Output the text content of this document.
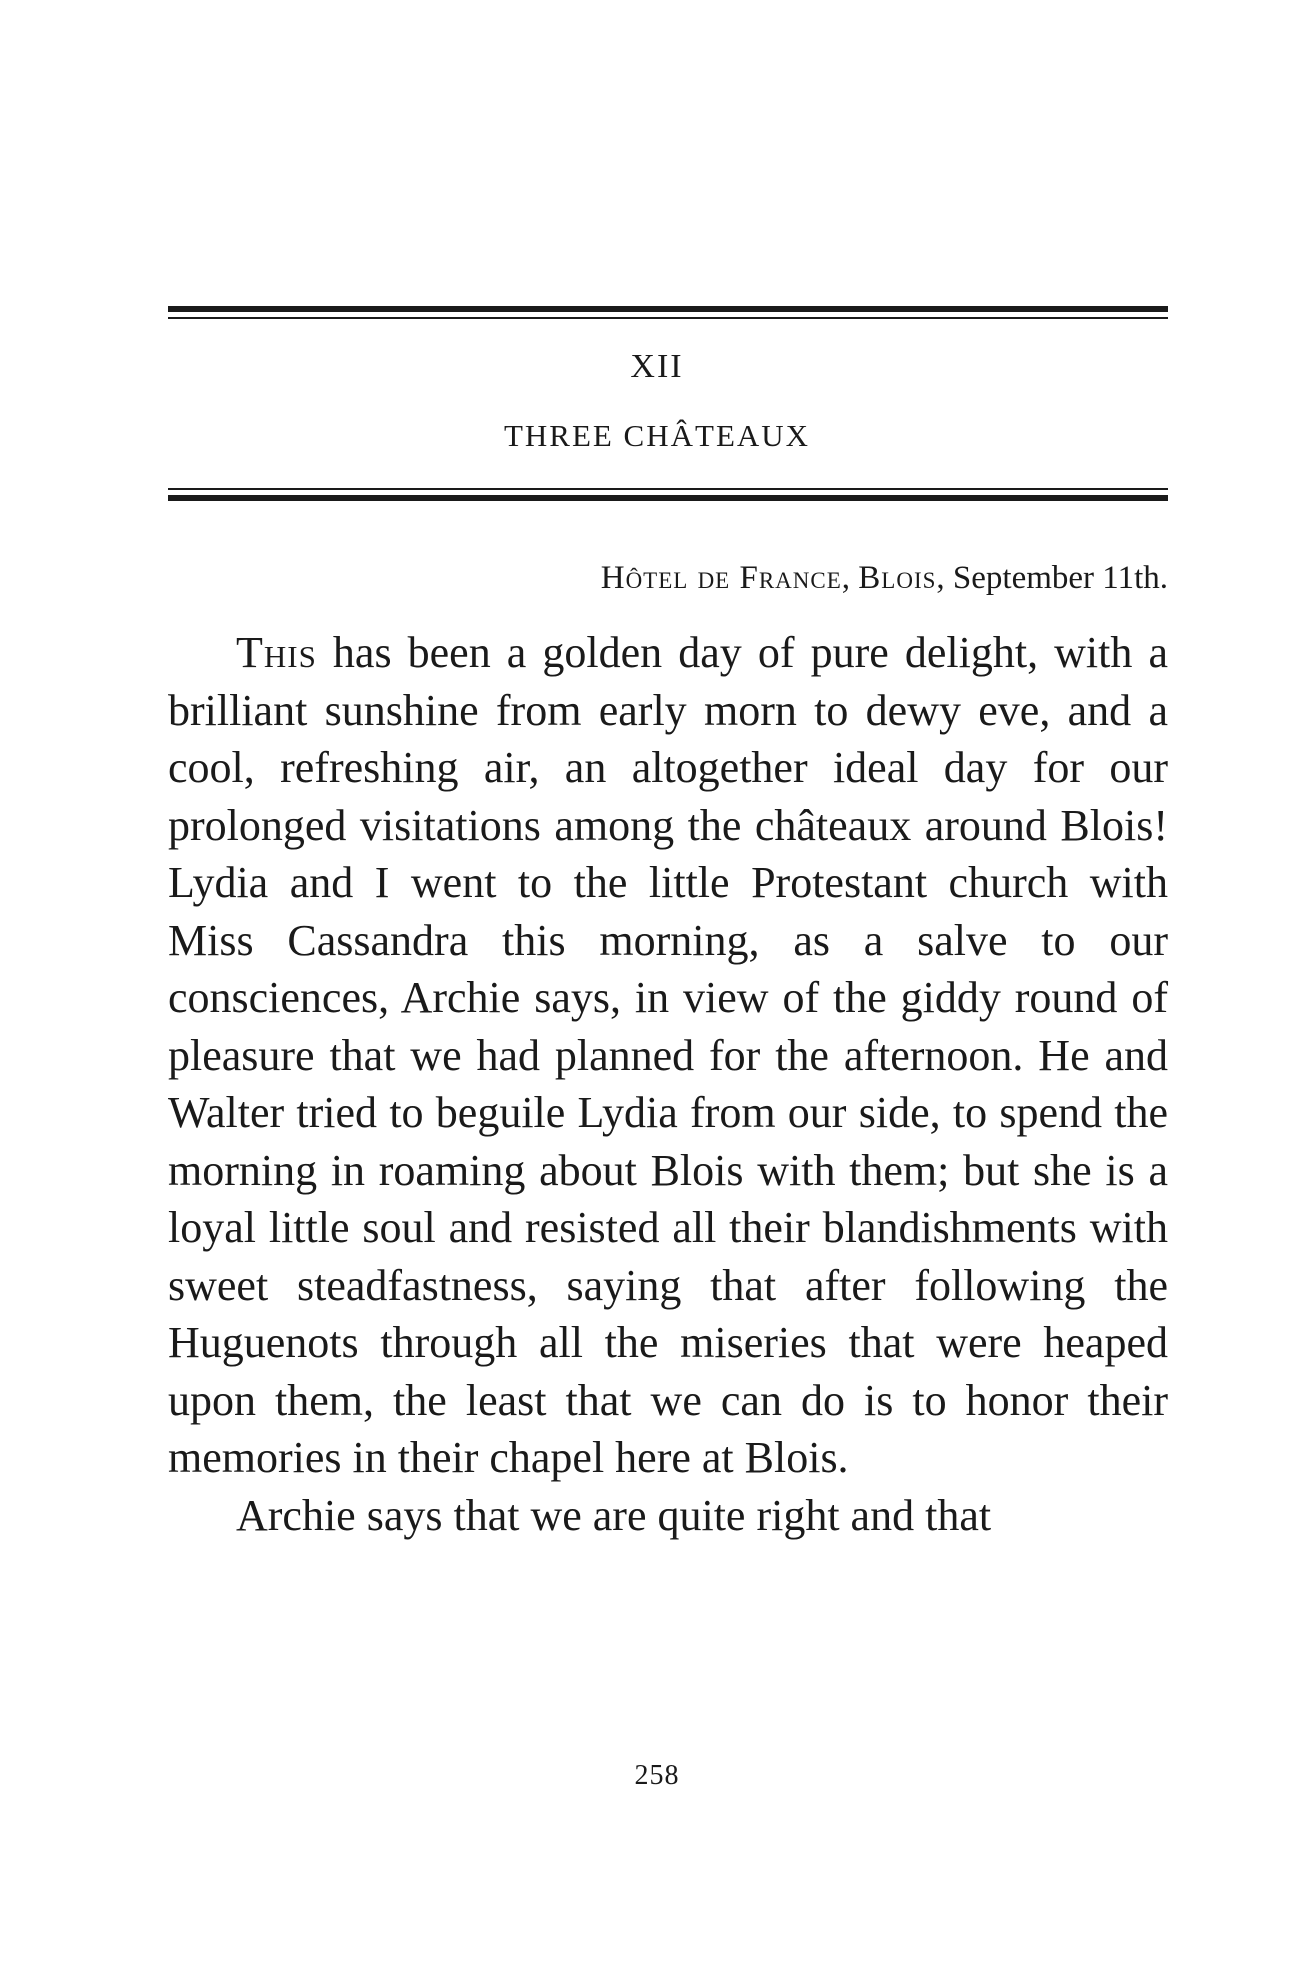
XII
THREE CHÂTEAUX
Hôtel de France, Blois, September 11th.

This has been a golden day of pure delight, with a brilliant sunshine from early morn to dewy eve, and a cool, refreshing air, an altogether ideal day for our prolonged visitations among the châteaux around Blois! Lydia and I went to the little Protestant church with Miss Cassandra this morning, as a salve to our consciences, Archie says, in view of the giddy round of pleasure that we had planned for the afternoon. He and Walter tried to beguile Lydia from our side, to spend the morning in roaming about Blois with them; but she is a loyal little soul and resisted all their blandishments with sweet steadfastness, saying that after following the Huguenots through all the miseries that were heaped upon them, the least that we can do is to honor their memories in their chapel here at Blois.

Archie says that we are quite right and that

258
